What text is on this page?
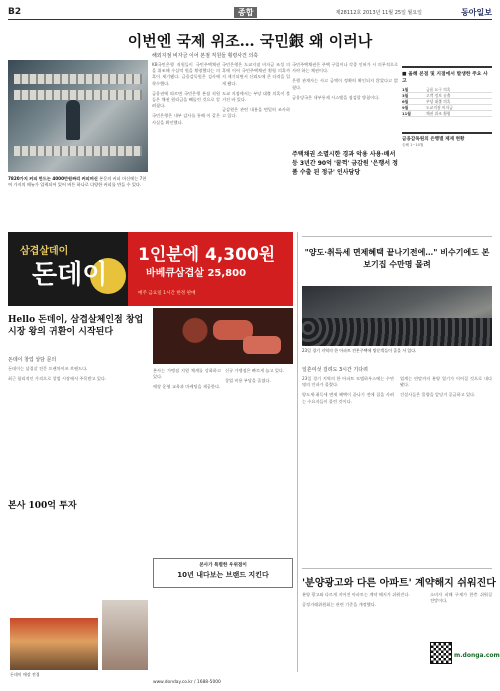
B2	종합	제28112호 2013년 11월 25일 월요일	동아일보
이번엔 국제 위조… 국민銀 왜 이러나
해외지점 비자금 이어 본점 직원들 횡령사건 의혹
7820가지 커피 만드는 4000만원짜리 커피머신 본문의 커피 머신에는 7천여 가지의 메뉴가 입력되어 있어 버튼 하나로 다양한 커피를 만들 수 있다.

KB국민은행 직원들이 국민주택채권을 위조해 수십억 원을 횡령했다는 의혹이 제기됐다. 금융감독원은 검사에 착수했다.

금융권에 따르면 국민은행 본점 직원들은 채권 원리금을 빼돌린 것으로 알려졌다.

국민은행은 내부 감사를 통해 이 같은 사실을 확인했다.

국민은행은 도쿄지점 비자금 조성 의혹에 이어 국민주택채권 횡령 의혹까지 제기되면서 신뢰도에 큰 타격을 입게 됐다.

도쿄 지점에서는 부당 대출 의혹이 불거진 바 있다.

금감원은 관련 내용을 면밀히 조사하고 있다.

국민주택채권은 주택 구입이나 각종 인허가 시 의무적으로 사야 하는 채권이다.

은행 관계자는 사고 금액이 정확히 확인되지 않았다고 밝혔다.

금융당국은 내부통제 시스템을 점검할 방침이다.

주택채권 소멸시한 경과 악용 사용·배서등 3년간 90억 '꿀꺽' 금감원 '은행서 정품 수출 된 정규' 인사담당
■ 올해 본점 및 지점에서 발생한 주요 사고
1월	금품 요구 의혹
3월	고객 정보 유출
6월	부당 대출 의혹
9월	도쿄지점 비자금
11월	채권 위조 횡령
금융감독원의 은행별 제재 현황
올해 1~10월
삼겹살데이
돈데이
1인분에 4,300원
바베큐삼겹살 25,800
매주 금요일 1시간 한정 판매
"양도·취득세 면제혜택 끝나기전에…" 비수기에도 본보기집 수만명 몰려
23일 경기 지역의 한 아파트 견본주택에 방문객들이 줄을 서 있다.
일흔여섯 걸려도 3시간 기다려

23일 경기 지역의 한 아파트 모델하우스에는 수만 명의 인파가 몰렸다.

양도세·취득세 면제 혜택이 끝나기 전에 집을 사려는 수요자들이 몰린 것이다.

업계는 연말까지 분양 열기가 이어질 것으로 내다봤다.

건설사들은 물량을 앞당겨 공급하고 있다.

Hello 돈데이, 삼겹살체인점 창업시장 왕의 귀환이 시작된다
돈데이 창업 상담 문의

돈데이는 삼겹살 전문 프랜차이즈 브랜드다.

최근 합리적인 가격으로 창업 시장에서 주목받고 있다.

본사는 가맹점 지원 체계를 강화하고 있다.

매장 운영 교육과 마케팅을 제공한다.

신규 가맹점은 빠르게 늘고 있다.

창업 비용 부담을 줄였다.

본사 100억 투자
본사가 특별한 우위점이
10년 내다보는 브랜드 지킨다
돈데이 매장 전경
www.donday.co.kr / 1688-5000
'분양광고와 다른 아파트' 계약해지 쉬워진다

분양 광고와 다르게 지어진 아파트는 계약 해지가 쉬워진다.

공정거래위원회는 관련 기준을 개정했다.

소비자 피해 구제가 한층 쉬워질 전망이다.

m.donga.com
